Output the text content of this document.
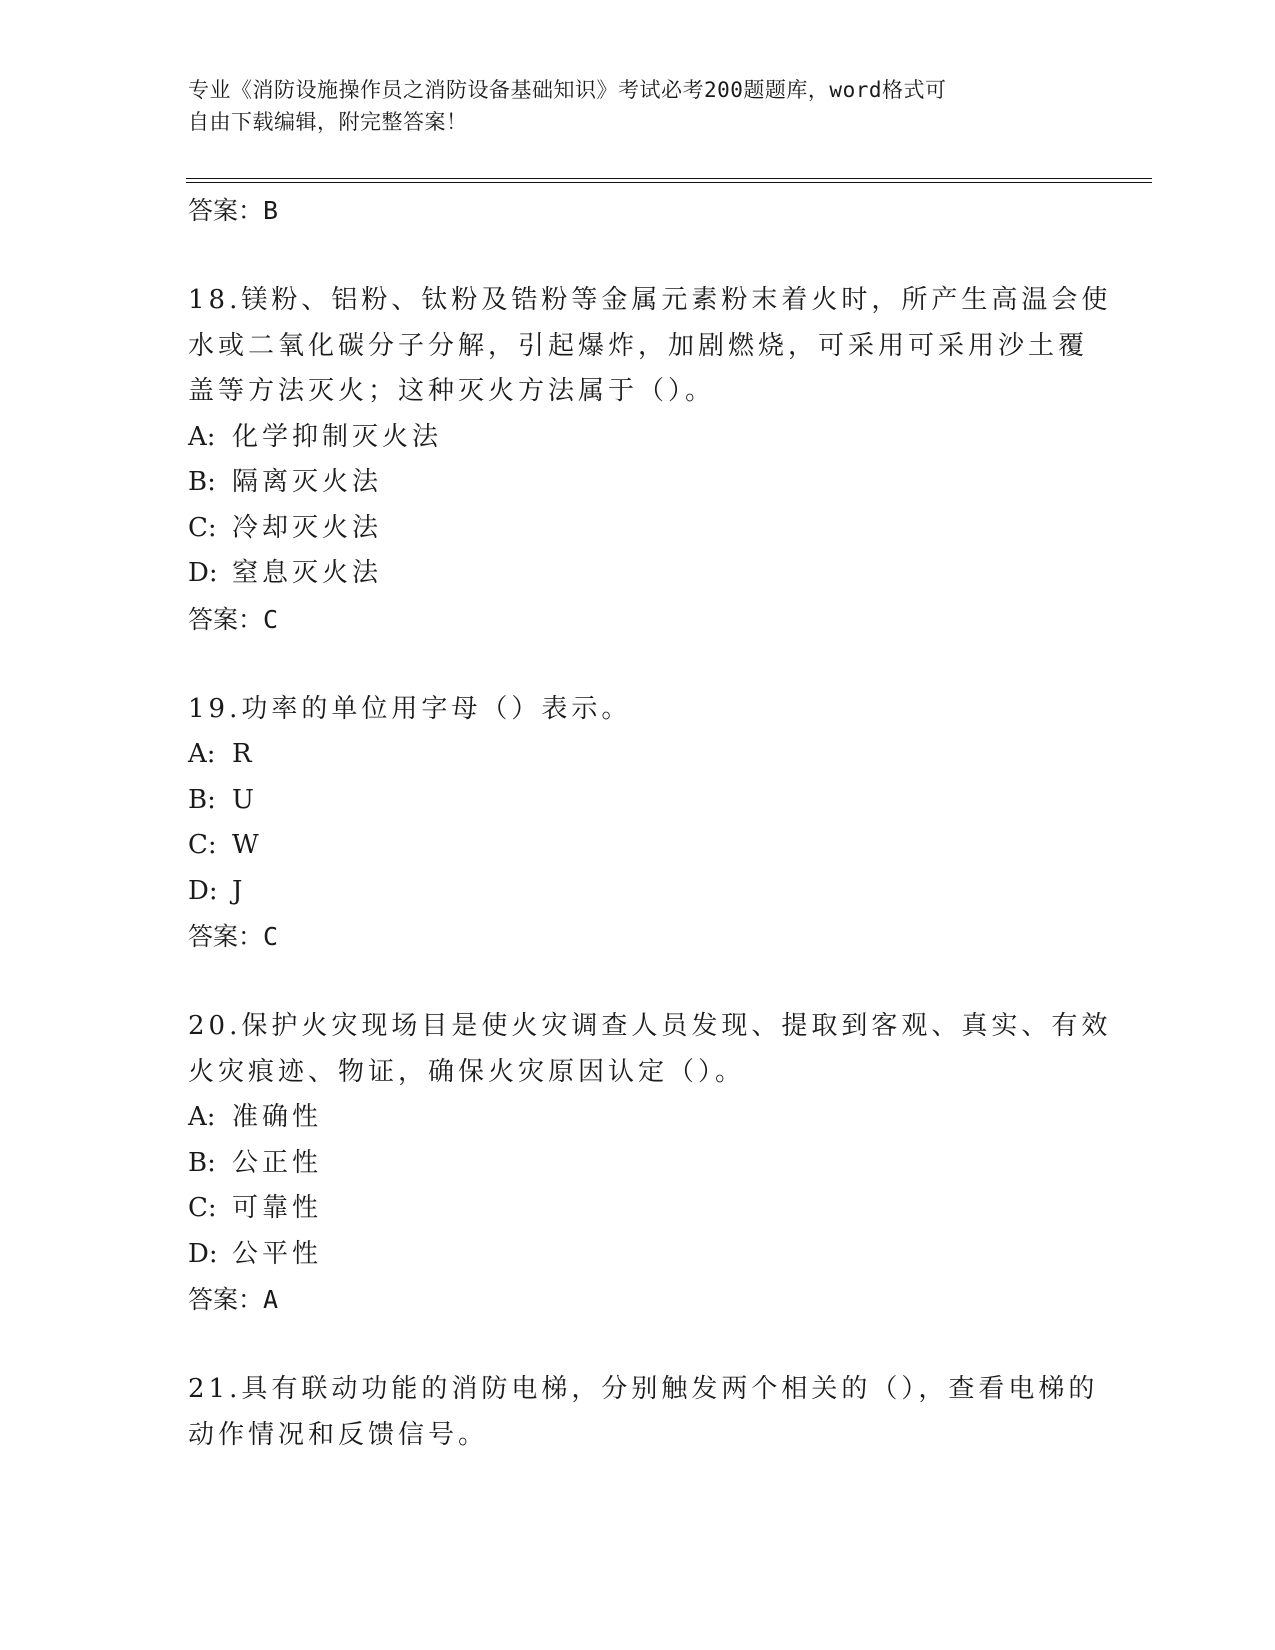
专业《消防设施操作员之消防设备基础知识》考试必考200题题库，word格式可
自由下载编辑，附完整答案！
答案：B
18.镁粉、铝粉、钛粉及锆粉等金属元素粉末着火时，所产生高温会使
水或二氧化碳分子分解，引起爆炸，加剧燃烧，可采用可采用沙土覆
盖等方法灭火；这种灭火方法属于（）。
A: 化学抑制灭火法
B: 隔离灭火法
C: 冷却灭火法
D: 窒息灭火法
答案：C
19.功率的单位用字母（）表示。
A: R
B: U
C: W
D: J
答案：C
20.保护火灾现场目是使火灾调查人员发现、提取到客观、真实、有效
火灾痕迹、物证，确保火灾原因认定（）。
A: 准确性
B: 公正性
C: 可靠性
D: 公平性
答案：A
21.具有联动功能的消防电梯，分别触发两个相关的（），查看电梯的
动作情况和反馈信号。
